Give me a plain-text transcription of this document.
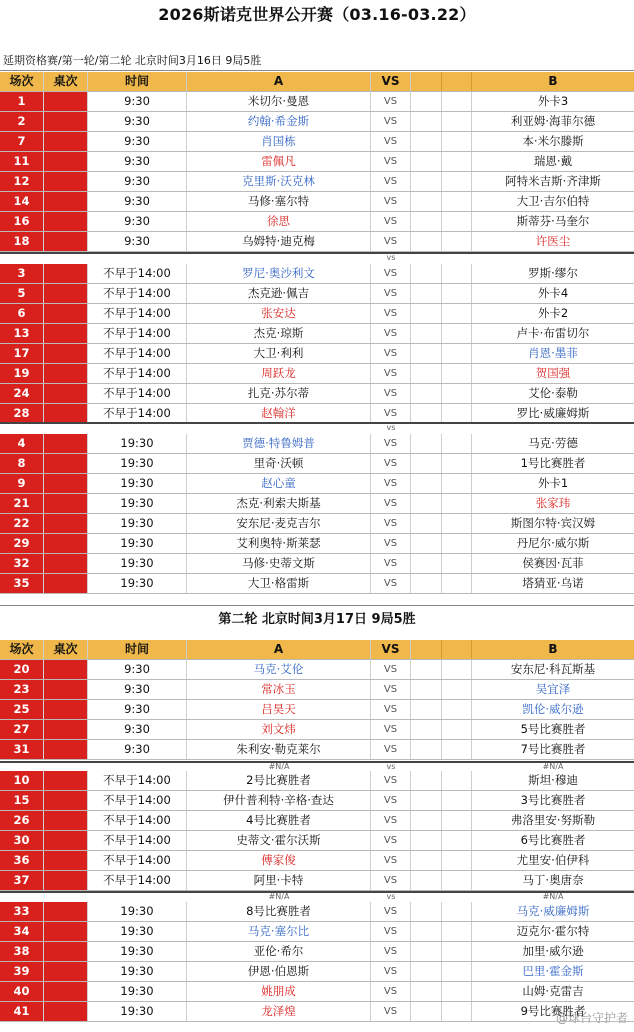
2026斯诺克世界公开赛（03.16-03.22）
延期资格赛/第一轮/第二轮 北京时间3月16日 9局5胜
第二轮 北京时间3月17日 9局5胜
@球台守护者
场次	桌次	时间	A	VS	B
1	9:30	米切尔·曼恩	VS	外卡3
2	9:30	约翰·希金斯	VS	利亚姆·海菲尔德
7	9:30	肖国栋	VS	本·米尔滕斯
11	9:30	雷佩凡	VS	瑞恩·戴
12	9:30	克里斯·沃克林	VS	阿特米吉斯·齐津斯
14	9:30	马修·塞尔特	VS	大卫·吉尔伯特
16	9:30	徐思	VS	斯蒂芬·马奎尔
18	9:30	乌姆特·迪克梅	VS	许医尘
3	不早于14:00	罗尼·奥沙利文	VS	罗斯·缪尔
5	不早于14:00	杰克逊·佩吉	VS	外卡4
6	不早于14:00	张安达	VS	外卡2
13	不早于14:00	杰克·琼斯	VS	卢卡·布雷切尔
17	不早于14:00	大卫·利利	VS	肖恩·墨菲
19	不早于14:00	周跃龙	VS	贺国强
24	不早于14:00	扎克·苏尔蒂	VS	艾伦·泰勒
28	不早于14:00	赵翰洋	VS	罗比·威廉姆斯
4	19:30	贾德·特鲁姆普	VS	马克·劳德
8	19:30	里奇·沃顿	VS	1号比赛胜者
9	19:30	赵心童	VS	外卡1
21	19:30	杰克·利索夫斯基	VS	张家玮
22	19:30	安东尼·麦克吉尔	VS	斯图尔特·宾汉姆
29	19:30	艾利奥特·斯莱瑟	VS	丹尼尔·威尔斯
32	19:30	马修·史蒂文斯	VS	侯赛因·瓦菲
35	19:30	大卫·格雷斯	VS	塔猜亚·乌诺
场次	桌次	时间	A	VS	B
20	9:30	马克·艾伦	VS	安东尼·科瓦斯基
23	9:30	常冰玉	VS	吴宜泽
25	9:30	吕昊天	VS	凯伦·威尔逊
27	9:30	刘文炜	VS	5号比赛胜者
31	9:30	朱利安·勒克莱尔	VS	7号比赛胜者
10	不早于14:00	2号比赛胜者	VS	斯坦·穆迪
15	不早于14:00	伊什普利特·辛格·查达	VS	3号比赛胜者
26	不早于14:00	4号比赛胜者	VS	弗洛里安·努斯勒
30	不早于14:00	史蒂文·霍尔沃斯	VS	6号比赛胜者
36	不早于14:00	傅家俊	VS	尤里安·伯伊科
37	不早于14:00	阿里·卡特	VS	马丁·奥唐奈
33	19:30	8号比赛胜者	VS	马克·威廉姆斯
34	19:30	马克·塞尔比	VS	迈克尔·霍尔特
38	19:30	亚伦·希尔	VS	加里·威尔逊
39	19:30	伊恩·伯恩斯	VS	巴里·霍金斯
40	19:30	姚朋成	VS	山姆·克雷吉
41	19:30	龙泽煌	VS	9号比赛胜者
vs
vs
vs
#N/A	#N/A
vs
#N/A	#N/A
